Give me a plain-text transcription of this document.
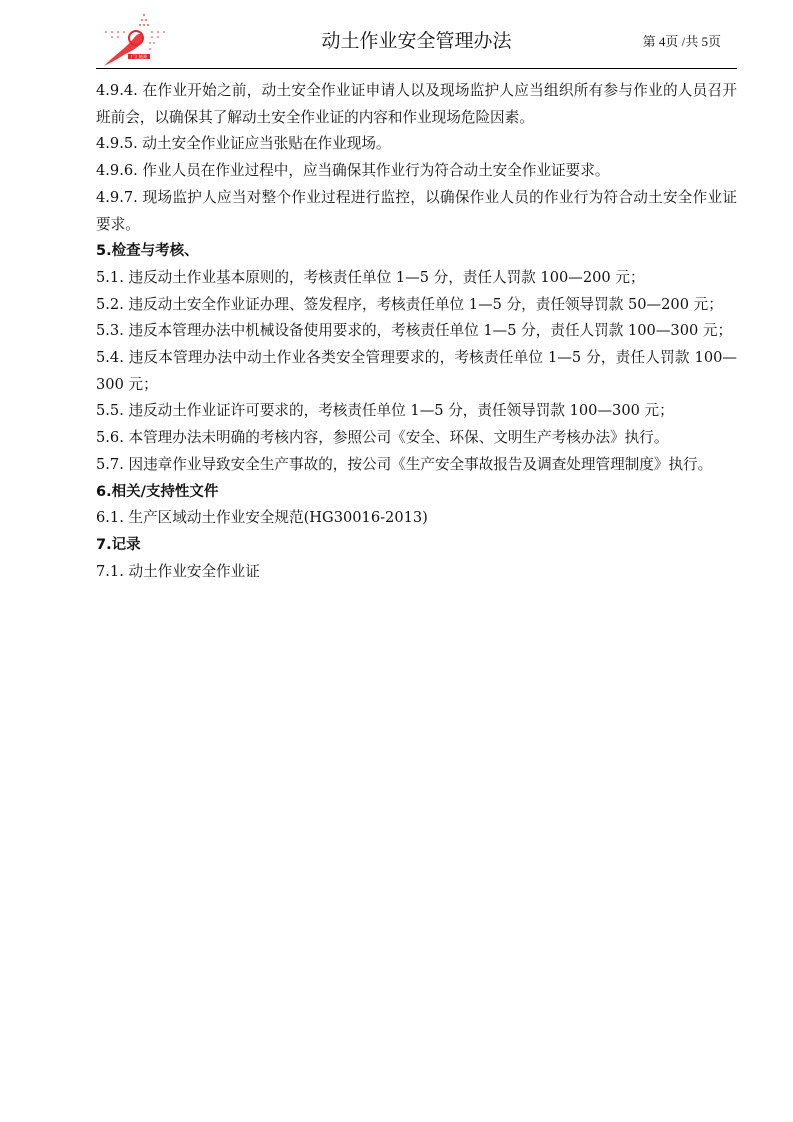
广汇能源
动土作业安全管理办法	第 4页 /共 5页

4.9.4. 在作业开始之前，动土安全作业证申请人以及现场监护人应当组织所有参与作业的人员召开班前会，以确保其了解动土安全作业证的内容和作业现场危险因素。

4.9.5. 动土安全作业证应当张贴在作业现场。

4.9.6. 作业人员在作业过程中，应当确保其作业行为符合动土安全作业证要求。

4.9.7. 现场监护人应当对整个作业过程进行监控，以确保作业人员的作业行为符合动土安全作业证要求。

5.检查与考核、

5.1. 违反动土作业基本原则的，考核责任单位 1—5 分，责任人罚款 100—200 元；

5.2. 违反动土安全作业证办理、签发程序，考核责任单位 1—5 分，责任领导罚款 50—200 元；

5.3. 违反本管理办法中机械设备使用要求的，考核责任单位 1—5 分，责任人罚款 100—300 元；

5.4. 违反本管理办法中动土作业各类安全管理要求的，考核责任单位 1—5 分，责任人罚款 100—300 元；

5.5. 违反动土作业证许可要求的，考核责任单位 1—5 分，责任领导罚款 100—300 元；

5.6. 本管理办法未明确的考核内容，参照公司《安全、环保、文明生产考核办法》执行。

5.7. 因违章作业导致安全生产事故的，按公司《生产安全事故报告及调查处理管理制度》执行。

6.相关/支持性文件

6.1. 生产区域动土作业安全规范(HG30016-2013)

7.记录

7.1. 动土作业安全作业证
